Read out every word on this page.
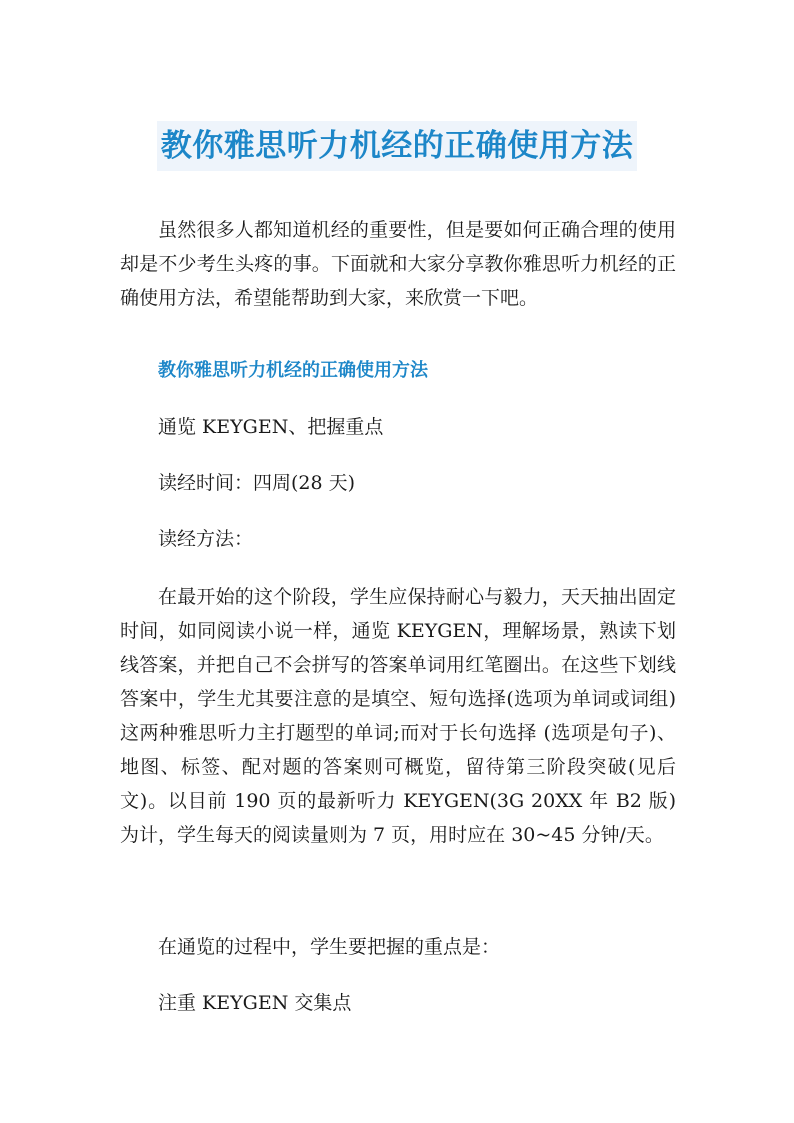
教你雅思听力机经的正确使用方法

虽然很多人都知道机经的重要性，但是要如何正确合理的使用却是不少考生头疼的事。下面就和大家分享教你雅思听力机经的正确使用方法，希望能帮助到大家，来欣赏一下吧。

教你雅思听力机经的正确使用方法

通览 KEYGEN、把握重点

读经时间：四周(28 天)

读经方法：

在最开始的这个阶段，学生应保持耐心与毅力，天天抽出固定时间，如同阅读小说一样，通览 KEYGEN，理解场景，熟读下划线答案，并把自己不会拼写的答案单词用红笔圈出。在这些下划线答案中，学生尤其要注意的是填空、短句选择(选项为单词或词组)这两种雅思听力主打题型的单词;而对于长句选择 (选项是句子)、地图、标签、配对题的答案则可概览，留待第三阶段突破(见后文)。以目前 190 页的最新听力 KEYGEN(3G 20XX 年 B2 版)为计，学生每天的阅读量则为 7 页，用时应在 30~45 分钟/天。

在通览的过程中，学生要把握的重点是：

注重 KEYGEN 交集点
